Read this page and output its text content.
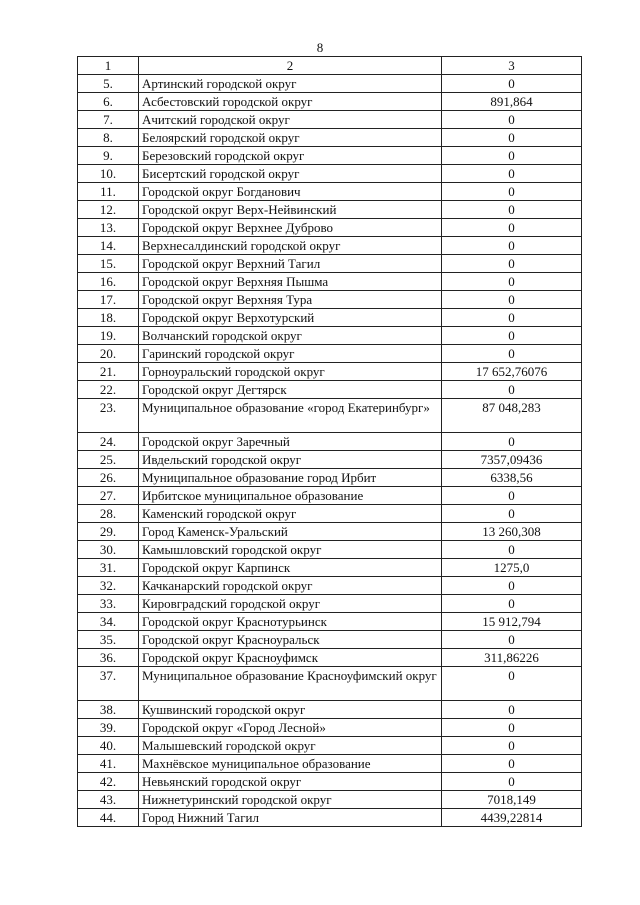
8
1	2	3
5.	Артинский городской округ	0
6.	Асбестовский городской округ	891,864
7.	Ачитский городской округ	0
8.	Белоярский городской округ	0
9.	Березовский городской округ	0
10.	Бисертский городской округ	0
11.	Городской округ Богданович	0
12.	Городской округ Верх-Нейвинский	0
13.	Городской округ Верхнее Дуброво	0
14.	Верхнесалдинский городской округ	0
15.	Городской округ Верхний Тагил	0
16.	Городской округ Верхняя Пышма	0
17.	Городской округ Верхняя Тура	0
18.	Городской округ Верхотурский	0
19.	Волчанский городской округ	0
20.	Гаринский городской округ	0
21.	Горноуральский городской округ	17 652,76076
22.	Городской округ Дегтярск	0
23.	Муниципальное образование «город Екатеринбург»	87 048,283
24.	Городской округ Заречный	0
25.	Ивдельский городской округ	7357,09436
26.	Муниципальное образование город Ирбит	6338,56
27.	Ирбитское муниципальное образование	0
28.	Каменский городской округ	0
29.	Город Каменск-Уральский	13 260,308
30.	Камышловский городской округ	0
31.	Городской округ Карпинск	1275,0
32.	Качканарский городской округ	0
33.	Кировградский городской округ	0
34.	Городской округ Краснотурьинск	15 912,794
35.	Городской округ Красноуральск	0
36.	Городской округ Красноуфимск	311,86226
37.	Муниципальное образование Красноуфимский округ	0
38.	Кушвинский городской округ	0
39.	Городской округ «Город Лесной»	0
40.	Малышевский городской округ	0
41.	Махнёвское муниципальное образование	0
42.	Невьянский городской округ	0
43.	Нижнетуринский городской округ	7018,149
44.	Город Нижний Тагил	4439,22814
